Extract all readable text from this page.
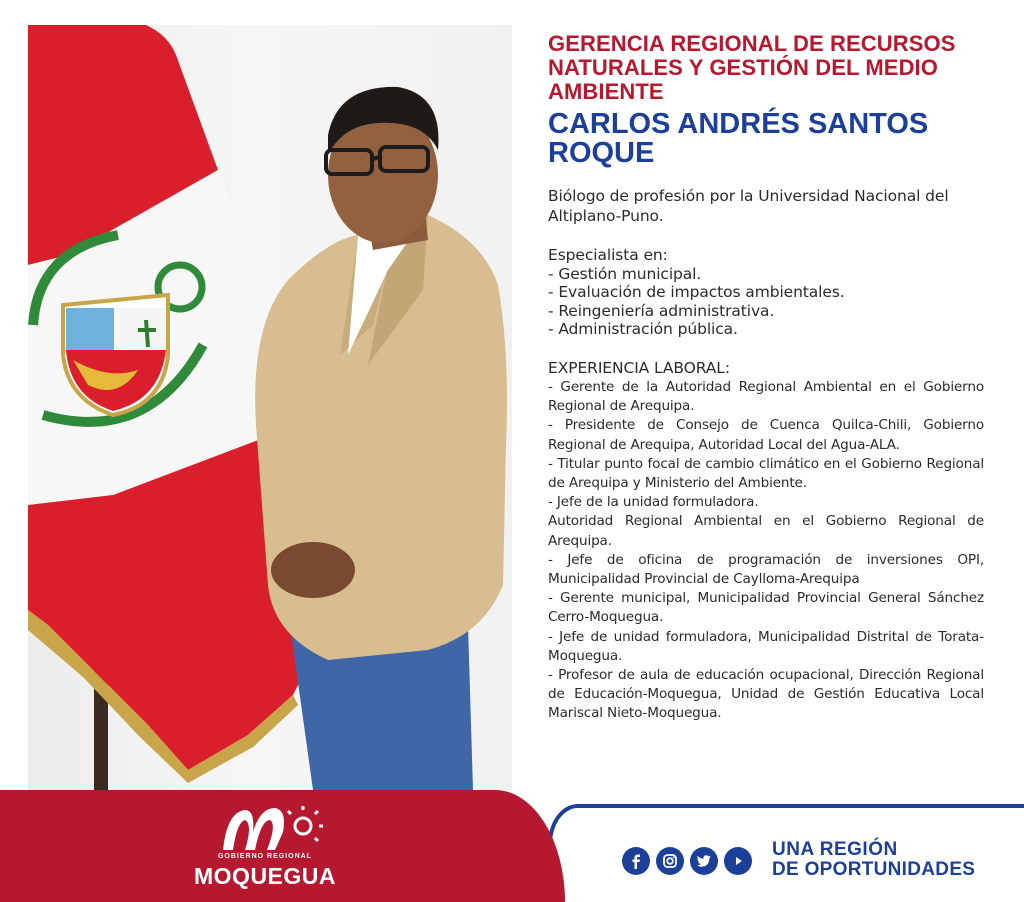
GERENCIA REGIONAL DE RECURSOS NATURALES Y GESTIÓN DEL MEDIO AMBIENTE
CARLOS ANDRÉS SANTOS ROQUE
Biólogo de profesión por la Universidad Nacional del Altiplano-Puno.
Especialista en:
- Gestión municipal.
- Evaluación de impactos ambientales.
- Reingeniería administrativa.
- Administración pública.
EXPERIENCIA LABORAL:
- Gerente de la Autoridad Regional Ambiental en el Gobierno Regional de Arequipa.
- Presidente de Consejo de Cuenca Quilca-Chili, Gobierno Regional de Arequipa, Autoridad Local del Agua-ALA.
- Titular punto focal de cambio climático en el Gobierno Regional de Arequipa y Ministerio del Ambiente.
- Jefe de la unidad formuladora.
Autoridad Regional Ambiental en el Gobierno Regional de Arequipa.
- Jefe de oficina de programación de inversiones OPI, Municipalidad Provincial de Caylloma-Arequipa
- Gerente municipal, Municipalidad Provincial General Sánchez Cerro-Moquegua.
- Jefe de unidad formuladora, Municipalidad Distrital de Torata-Moquegua.
- Profesor de aula de educación ocupacional, Dirección Regional de Educación-Moquegua, Unidad de Gestión Educativa Local Mariscal Nieto-Moquegua.
GOBIERNO REGIONAL
MOQUEGUA
UNA REGIÓN
DE OPORTUNIDADES
